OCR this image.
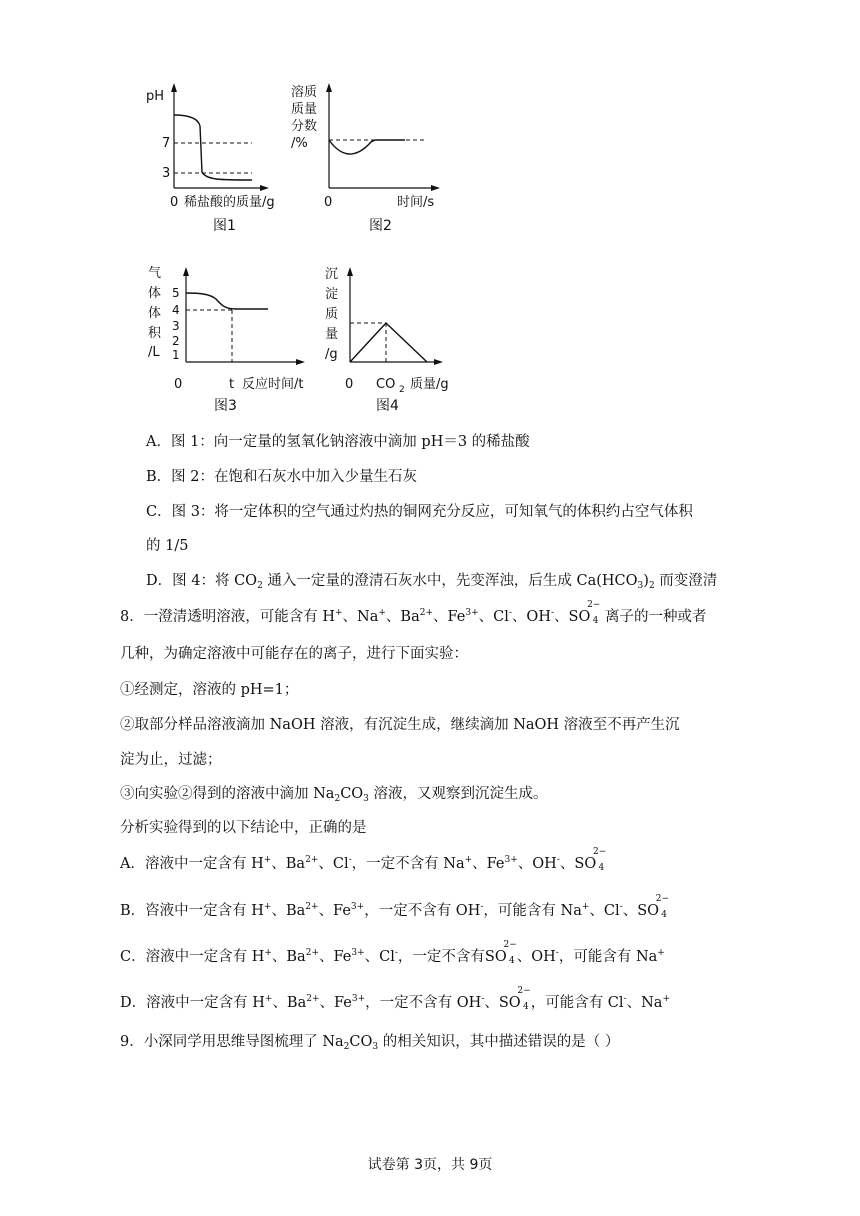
pH
7
3
0 稀盐酸的质量/g
图1
溶质
质量
分数
/%
0	时间/s
图2
气
体
体
积
/L
5
4
3
2
1
0	t 反应时间/t
图3
沉
淀
质
量
/g
0 CO 2 质量/g
图4
A．图 1：向一定量的氢氧化钠溶液中滴加 pH＝3 的稀盐酸
B．图 2：在饱和石灰水中加入少量生石灰
C．图 3：将一定体积的空气通过灼热的铜网充分反应，可知氧气的体积约占空气体积
的 1/5
D．图 4：将 $CO_2$ 通入一定量的澄清石灰水中，先变浑浊，后生成 $Ca(HCO_3)_2$ 而变澄清
8．一澄清透明溶液，可能含有 H+、Na+、$Ba^{2+}$、$Fe^{3+}$、Cl-、OH-、SO
2−
4 离子的一种或者
几种，为确定溶液中可能存在的离子，进行下面实验：
①经测定，溶液的 pH=1；
②取部分样品溶液滴加 NaOH 溶液，有沉淀生成，继续滴加 NaOH 溶液至不再产生沉
淀为止，过滤；
③向实验②得到的溶液中滴加 $Na_2CO_3$ 溶液，又观察到沉淀生成。
分析实验得到的以下结论中，正确的是
A．溶液中一定含有 H+、$Ba^{2+}$、Cl-，一定不含有 Na+、$Fe^{3+}$、OH-、SO
2−
4
B．咨液中一定含有 H+、$Ba^{2+}$、$Fe^{3+}$，一定不含有 OH-，可能含有 Na+、Cl-、SO
2−
4
C．溶液中一定含有 H+、$Ba^{2+}$、$Fe^{3+}$、Cl-，一定不含有SO
2−
4 、OH-，可能含有 Na+
D．溶液中一定含有 H+、$Ba^{2+}$、$Fe^{3+}$，一定不含有 OH-、SO
2−
4 ，可能含有 Cl-、Na+
9．小深同学用思维导图梳理了 $Na_2CO_3$ 的相关知识，其中描述错误的是（ ）
试卷第 3页，共 9页
